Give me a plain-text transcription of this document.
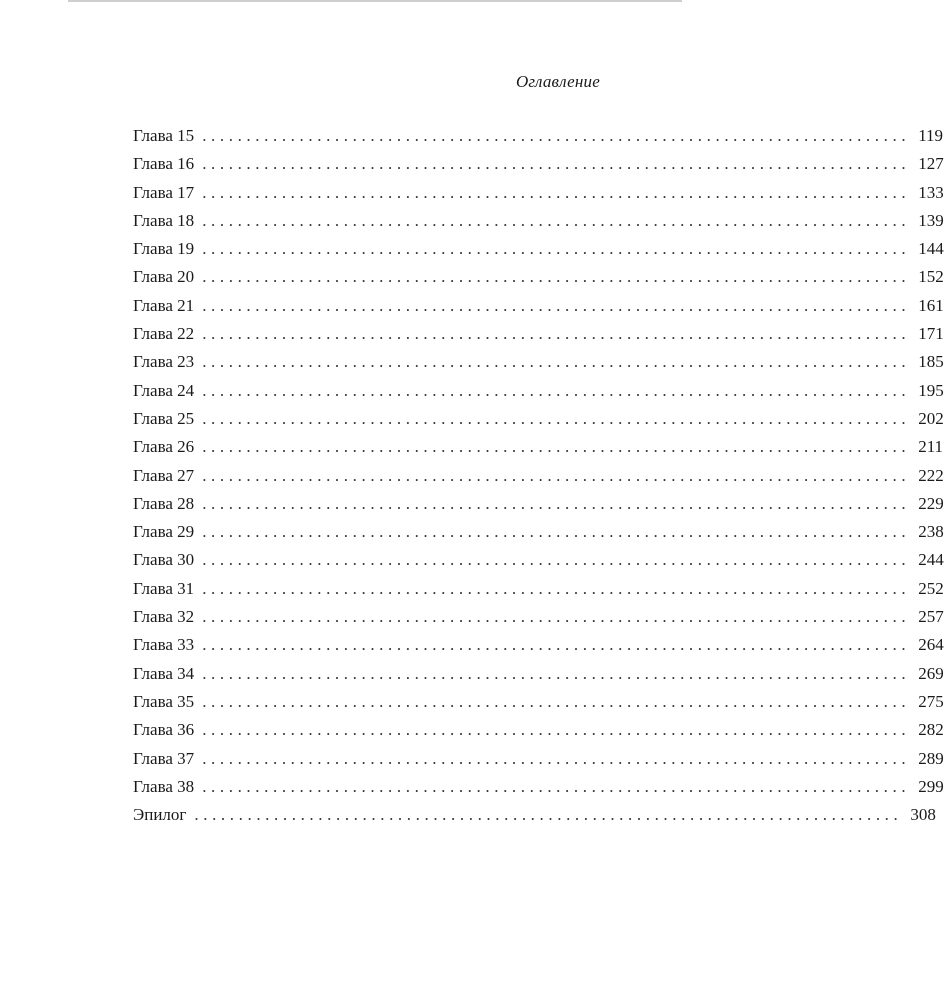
Оглавление
Глава 15 ................................................................................ 119
Глава 16 ................................................................................ 127
Глава 17 ................................................................................ 133
Глава 18 ................................................................................ 139
Глава 19 ................................................................................ 144
Глава 20 ................................................................................ 152
Глава 21 ................................................................................ 161
Глава 22 ................................................................................ 171
Глава 23 ................................................................................ 185
Глава 24 ................................................................................ 195
Глава 25 ................................................................................ 202
Глава 26 ................................................................................ 211
Глава 27 ................................................................................ 222
Глава 28 ................................................................................ 229
Глава 29 ................................................................................ 238
Глава 30 ................................................................................ 244
Глава 31 ................................................................................ 252
Глава 32 ................................................................................ 257
Глава 33 ................................................................................ 264
Глава 34 ................................................................................ 269
Глава 35 ................................................................................ 275
Глава 36 ................................................................................ 282
Глава 37 ................................................................................ 289
Глава 38 ................................................................................ 299
Эпилог ................................................................................ 308
